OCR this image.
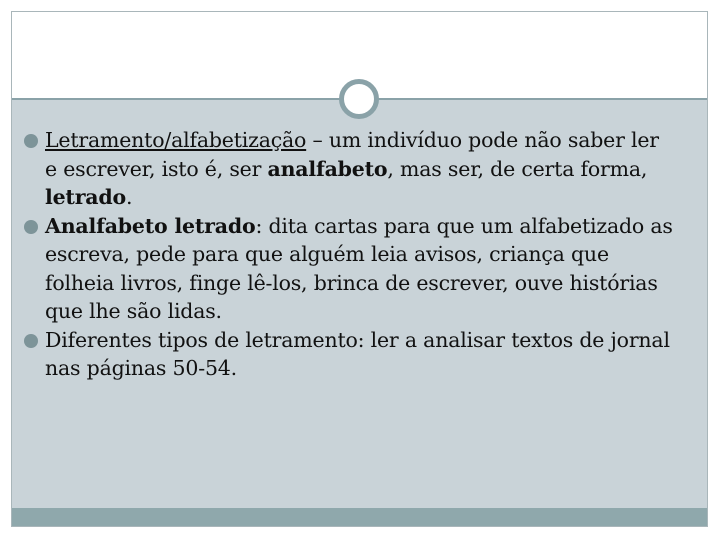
Letramento/alfabetização – um indivíduo pode não saber ler e escrever, isto é, ser analfabeto, mas ser, de certa forma, letrado.
Analfabeto letrado: dita cartas para que um alfabetizado as escreva, pede para que alguém leia avisos, criança que folheia livros, finge lê-los, brinca de escrever, ouve histórias que lhe são lidas.
Diferentes tipos de letramento: ler a analisar textos de jornal nas páginas 50-54.
